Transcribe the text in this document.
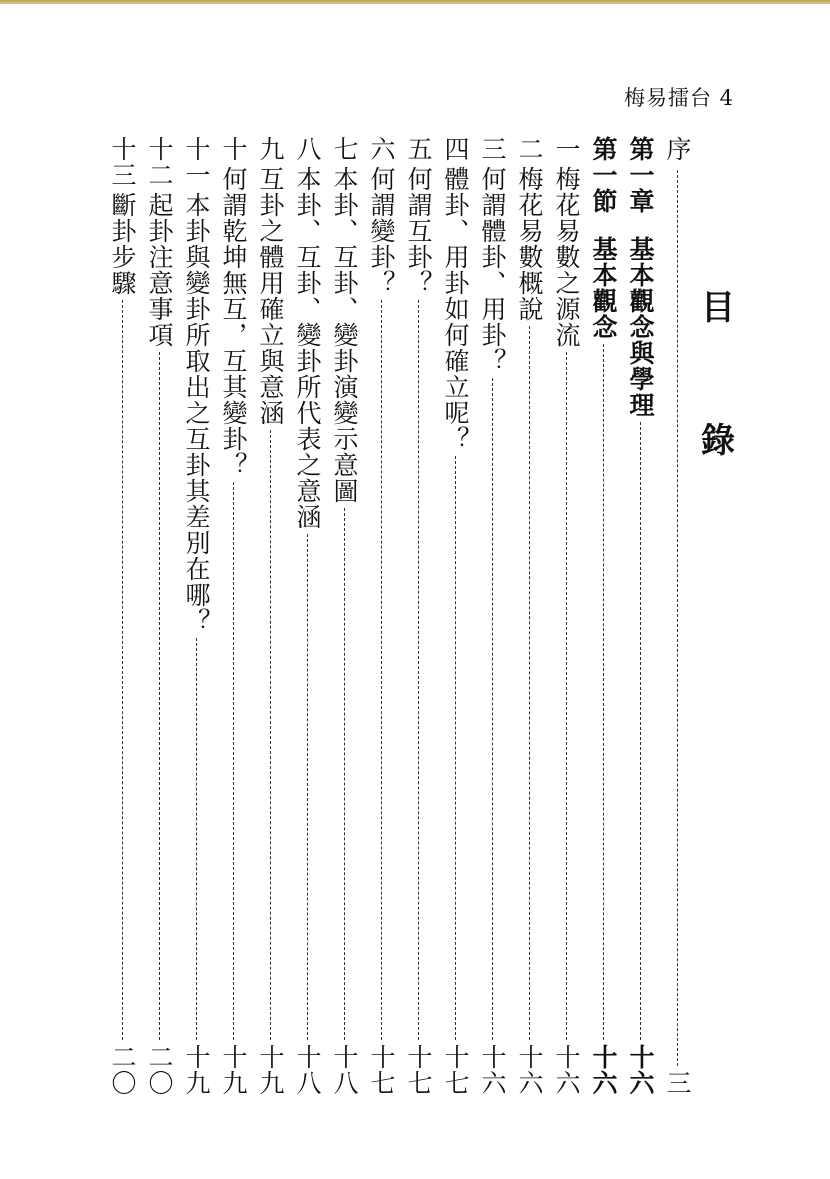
梅易擂台 4
目
錄
序
三
第一章
基本觀念與學理
十六
第一節
基本觀念
十六
一
梅花易數之源流
十六
二
梅花易數概說
十六
三
何謂體卦、用卦？
十六
四
體卦、用卦如何確立呢？
十七
五
何謂互卦？
十七
六
何謂變卦？
十七
七
本卦、互卦、變卦演變示意圖
十八
八
本卦、互卦、變卦所代表之意涵
十八
九
互卦之體用確立與意涵
十九
十
何謂乾坤無互，互其變卦？
十九
十一
本卦與變卦所取出之互卦其差別在哪？
十九
十二
起卦注意事項
二〇
十三
斷卦步驟
二〇
